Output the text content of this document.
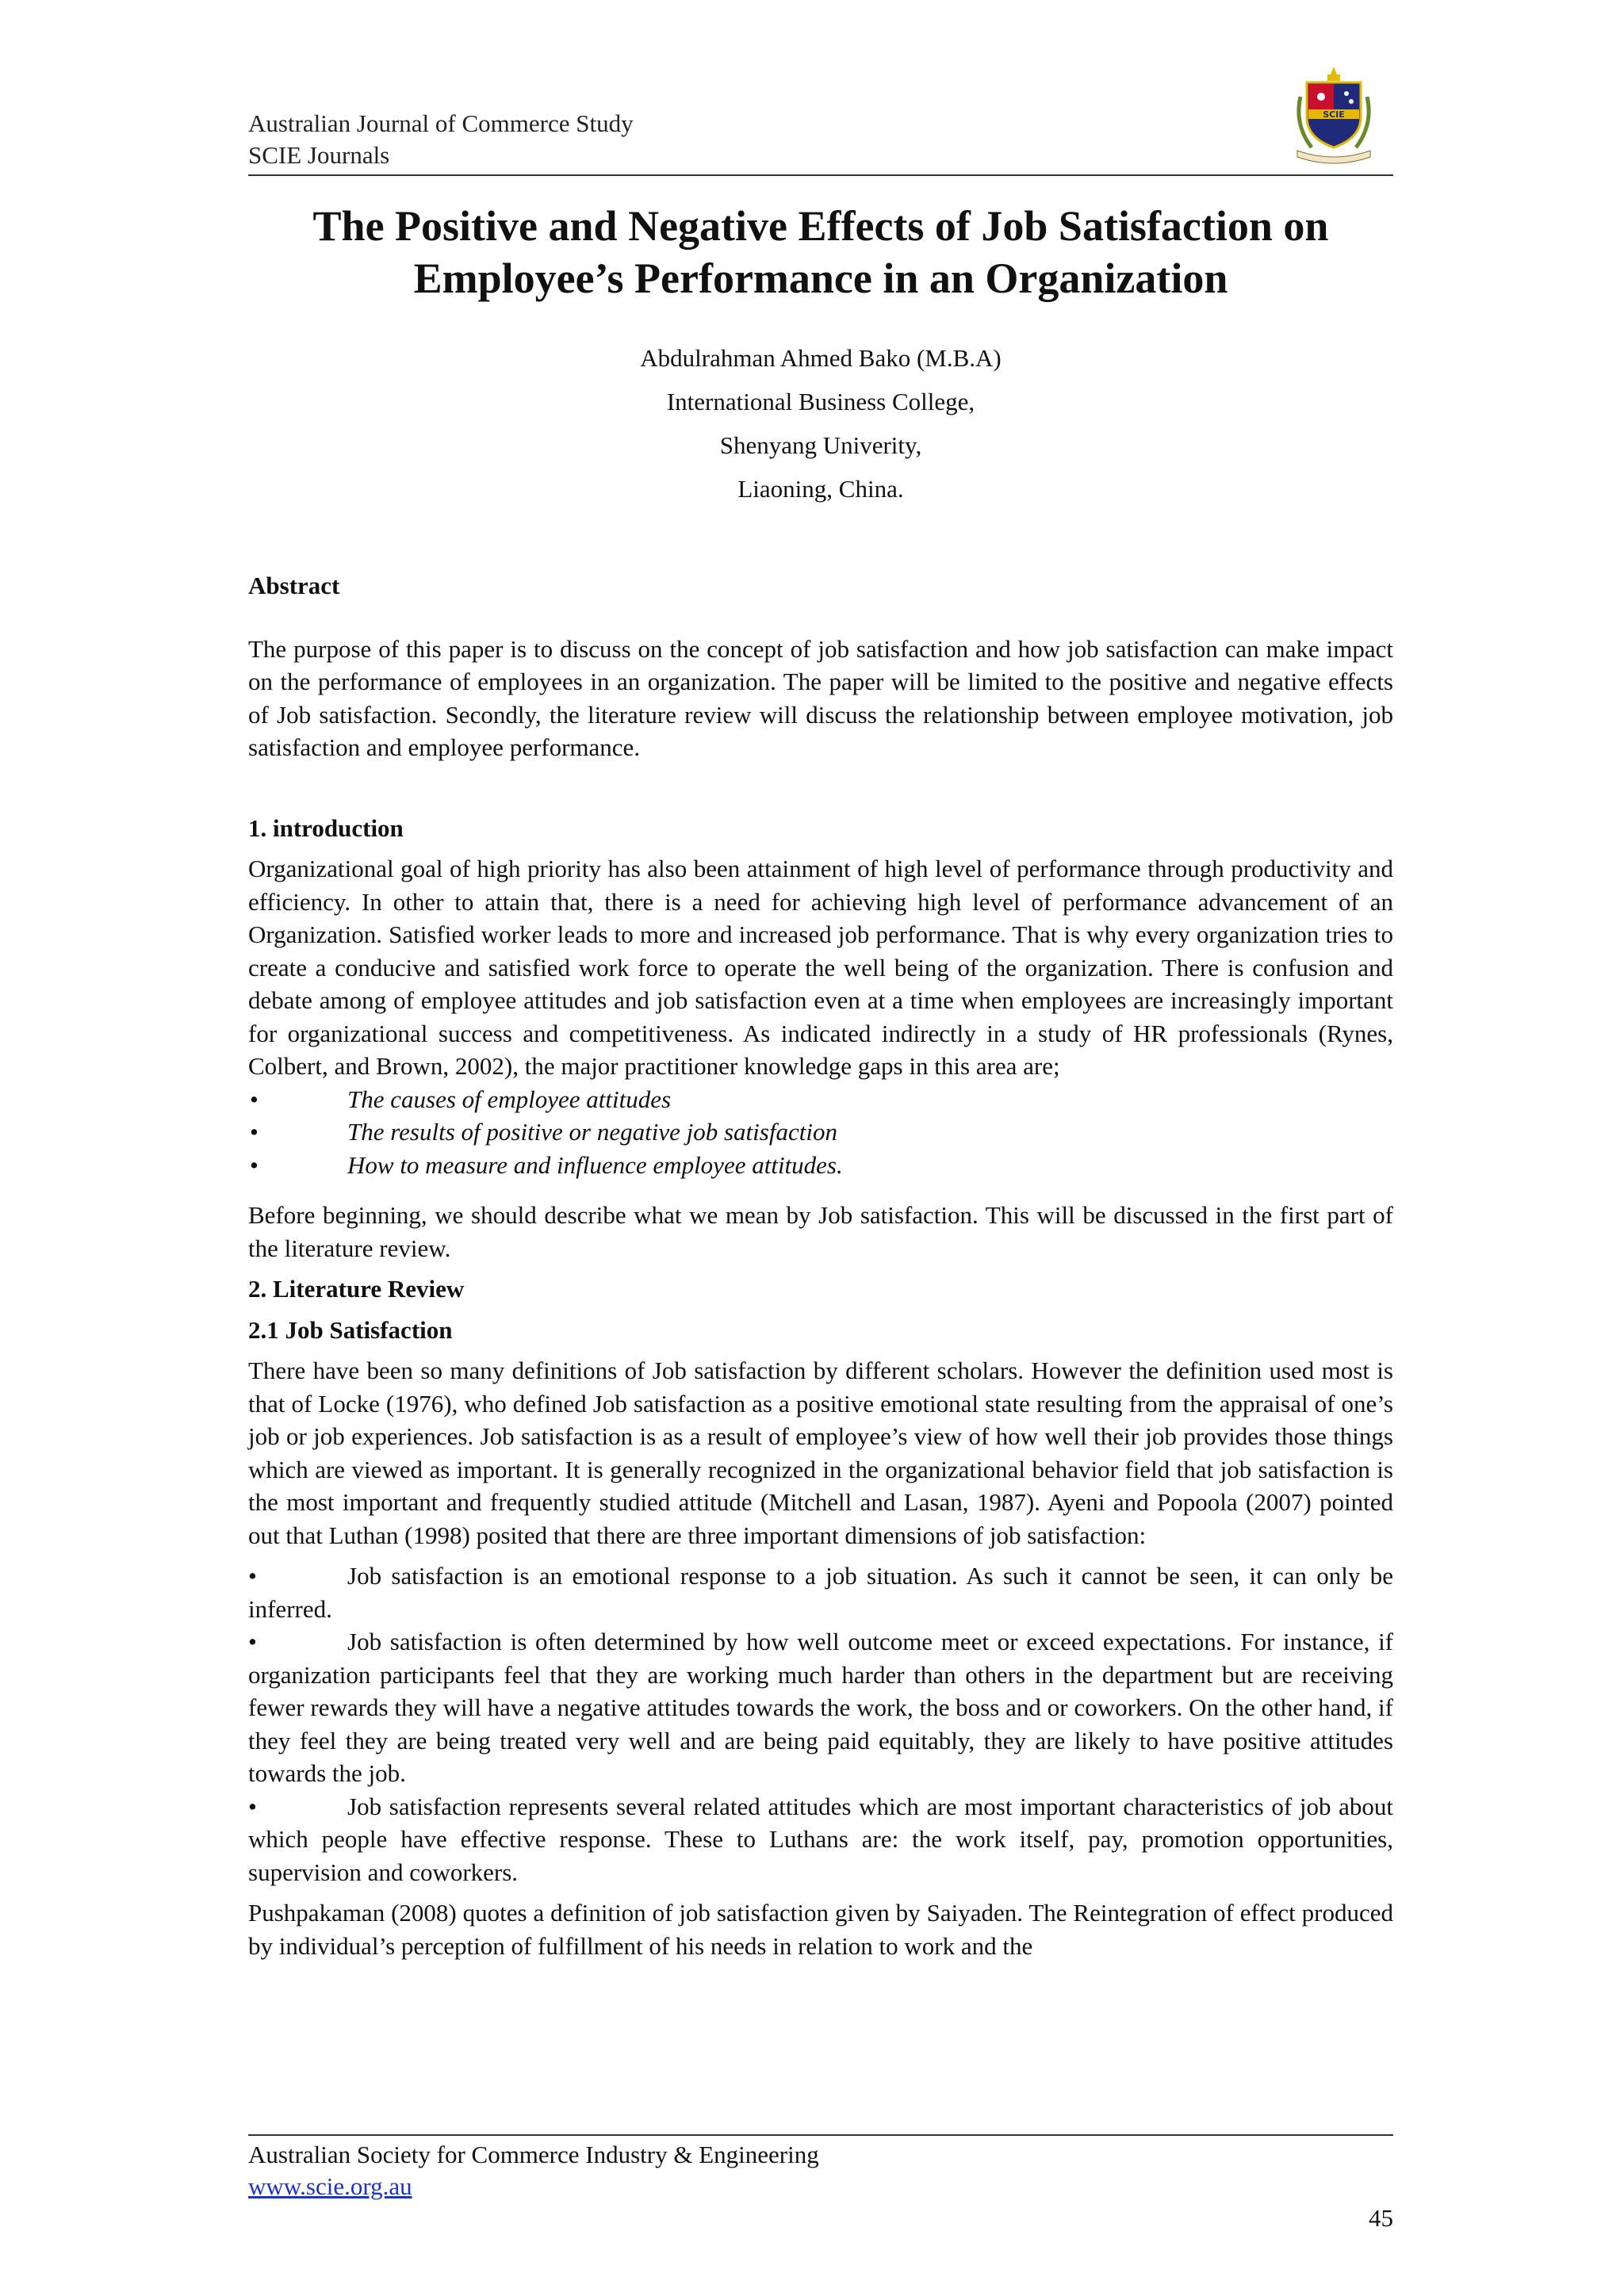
Australian Journal of Commerce Study
SCIE Journals
SCIE
The Positive and Negative Effects of Job Satisfaction on
Employee’s Performance in an Organization
Abdulrahman Ahmed Bako (M.B.A)
International Business College,
Shenyang Univerity,
Liaoning, China.
Abstract

The purpose of this paper is to discuss on the concept of job satisfaction and how job satisfaction can make impact on the performance of employees in an organization. The paper will be limited to the positive and negative effects of Job satisfaction. Secondly, the literature review will discuss the relationship between employee motivation, job satisfaction and employee performance.

1. introduction

Organizational goal of high priority has also been attainment of high level of performance through productivity and efficiency. In other to attain that, there is a need for achieving high level of performance advancement of an Organization. Satisfied worker leads to more and increased job performance. That is why every organization tries to create a conducive and satisfied work force to operate the well being of the organization. There is confusion and debate among of employee attitudes and job satisfaction even at a time when employees are increasingly important for organizational success and competitiveness. As indicated indirectly in a study of HR professionals (Rynes, Colbert, and Brown, 2002), the major practitioner knowledge gaps in this area are;

•	The causes of employee attitudes
•	The results of positive or negative job satisfaction
•	How to measure and influence employee attitudes.

Before beginning, we should describe what we mean by Job satisfaction. This will be discussed in the first part of the literature review.

2. Literature Review
2.1 Job Satisfaction

There have been so many definitions of Job satisfaction by different scholars. However the definition used most is that of Locke (1976), who defined Job satisfaction as a positive emotional state resulting from the appraisal of one’s job or job experiences. Job satisfaction is as a result of employee’s view of how well their job provides those things which are viewed as important. It is generally recognized in the organizational behavior field that job satisfaction is the most important and frequently studied attitude (Mitchell and Lasan, 1987). Ayeni and Popoola (2007) pointed out that Luthan (1998) posited that there are three important dimensions of job satisfaction:

•	Job satisfaction is an emotional response to a job situation. As such it cannot be seen, it can only be inferred.
•	Job satisfaction is often determined by how well outcome meet or exceed expectations. For instance, if organization participants feel that they are working much harder than others in the department but are receiving fewer rewards they will have a negative attitudes towards the work, the boss and or coworkers. On the other hand, if they feel they are being treated very well and are being paid equitably, they are likely to have positive attitudes towards the job.
•	Job satisfaction represents several related attitudes which are most important characteristics of job about which people have effective response. These to Luthans are: the work itself, pay, promotion opportunities, supervision and coworkers.

Pushpakaman (2008) quotes a definition of job satisfaction given by Saiyaden. The Reintegration of effect produced by individual’s perception of fulfillment of his needs in relation to work and the

Australian Society for Commerce Industry & Engineering
www.scie.org.au
45
